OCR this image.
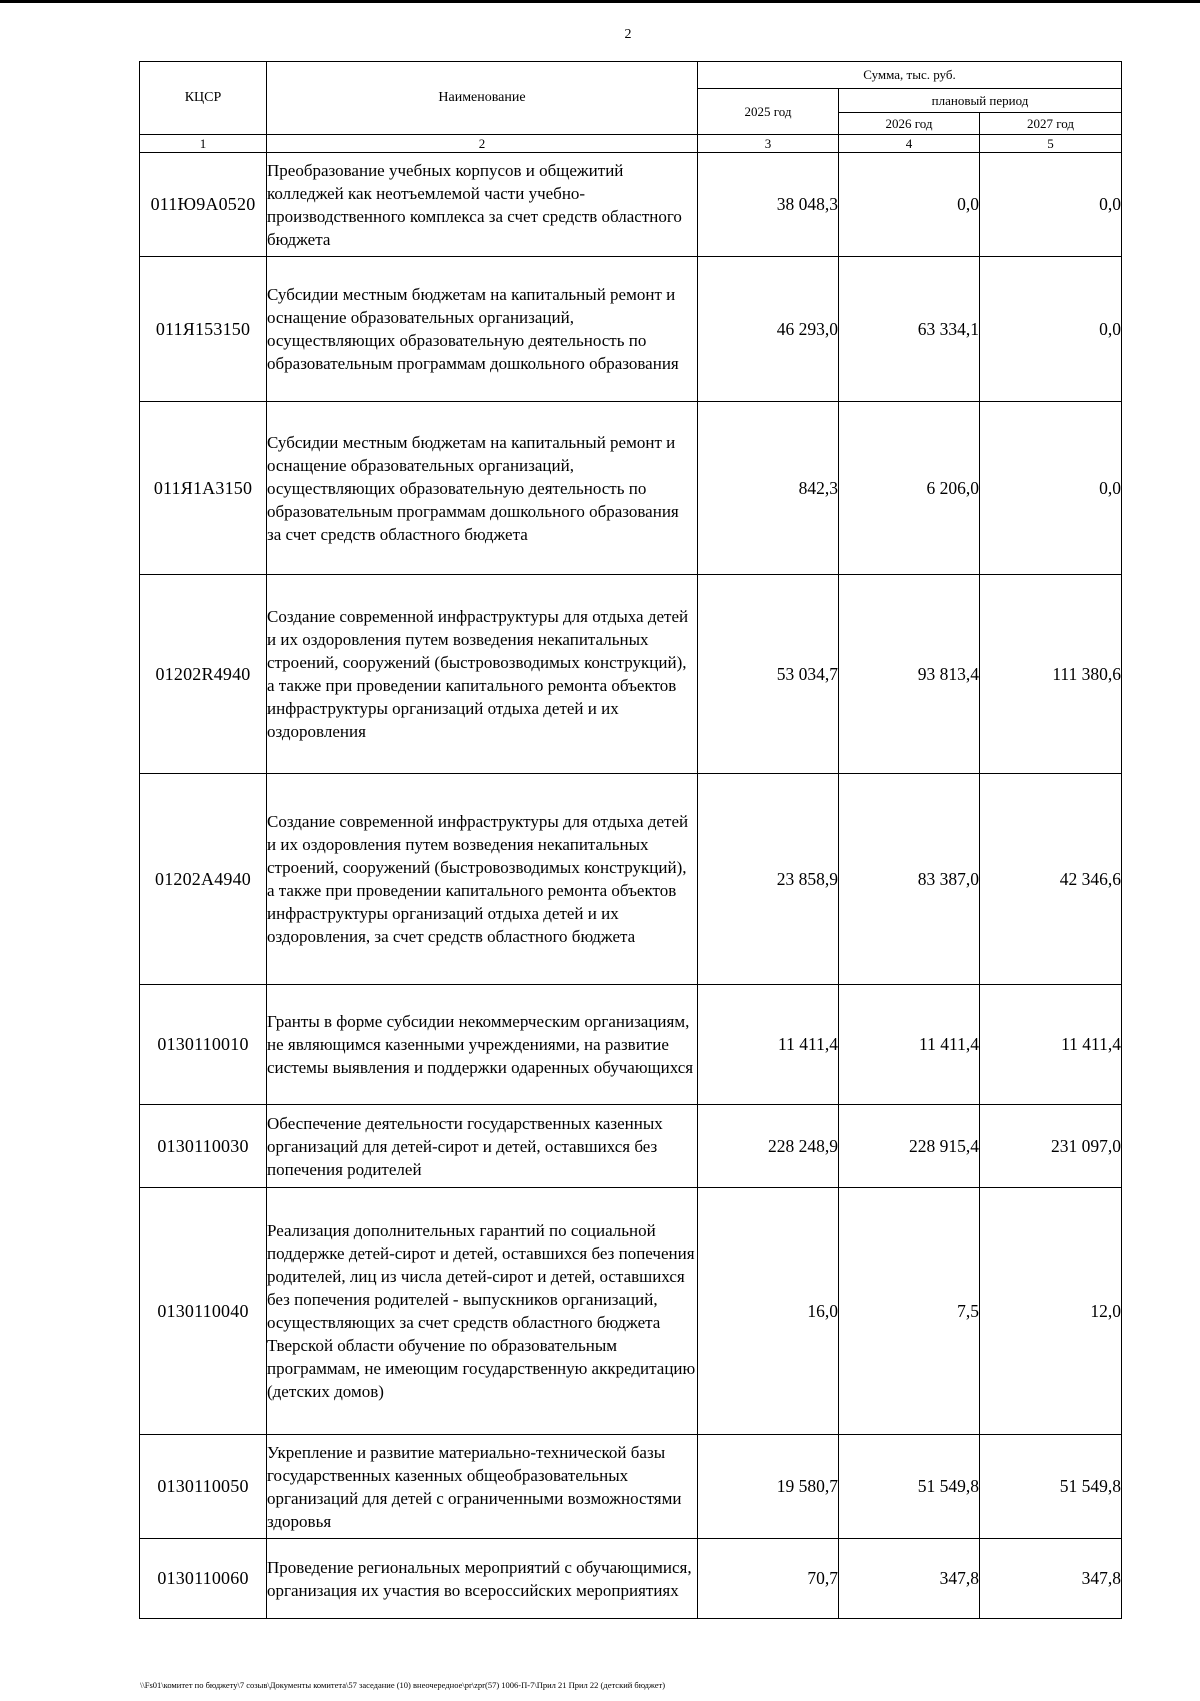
2
КЦСР	Наименование	Сумма, тыс. руб.		
		2025 год	плановый период	
			2026 год	2027 год
1	2	3	4	5
011Ю9А0520	Преобразование учебных корпусов и общежитий колледжей как неотъемлемой части учебно-производственного комплекса за счет средств областного бюджета	38 048,3	0,0	0,0
011Я153150	Субсидии местным бюджетам на капитальный ремонт и оснащение образовательных организаций, осуществляющих образовательную деятельность по образовательным программам дошкольного образования	46 293,0	63 334,1	0,0
011Я1А3150	Субсидии местным бюджетам на капитальный ремонт и оснащение образовательных организаций, осуществляющих образовательную деятельность по образовательным программам дошкольного образования за счет средств областного бюджета	842,3	6 206,0	0,0
01202R4940	Создание современной инфраструктуры для отдыха детей и их оздоровления путем возведения некапитальных строений, сооружений (быстровозводимых конструкций), а также при проведении капитального ремонта объектов инфраструктуры организаций отдыха детей и их оздоровления	53 034,7	93 813,4	111 380,6
01202А4940	Создание современной инфраструктуры для отдыха детей и их оздоровления путем возведения некапитальных строений, сооружений (быстровозводимых конструкций), а также при проведении капитального ремонта объектов инфраструктуры организаций отдыха детей и их оздоровления, за счет средств областного бюджета	23 858,9	83 387,0	42 346,6
0130110010	Гранты в форме субсидии некоммерческим организациям, не являющимся казенными учреждениями, на развитие системы выявления и поддержки одаренных обучающихся	11 411,4	11 411,4	11 411,4
0130110030	Обеспечение деятельности государственных казенных организаций для детей-сирот и детей, оставшихся без попечения родителей	228 248,9	228 915,4	231 097,0
0130110040	Реализация дополнительных гарантий по социальной поддержке детей-сирот и детей, оставшихся без попечения родителей, лиц из числа детей-сирот и детей, оставшихся без попечения родителей - выпускников организаций, осуществляющих за счет средств областного бюджета Тверской области обучение по образовательным программам, не имеющим государственную аккредитацию (детских домов)	16,0	7,5	12,0
0130110050	Укрепление и развитие материально-технической базы государственных казенных общеобразовательных организаций для детей с ограниченными возможностями здоровья	19 580,7	51 549,8	51 549,8
0130110060	Проведение региональных мероприятий с обучающимися, организация их участия во всероссийских мероприятиях	70,7	347,8	347,8
\\Fs01\комитет по бюджету\7 созыв\Документы комитета\57 заседание (10) внеочередное\pr\zpr(57) 1006-П-7\Прил 21 Прил 22 (детский бюджет)
